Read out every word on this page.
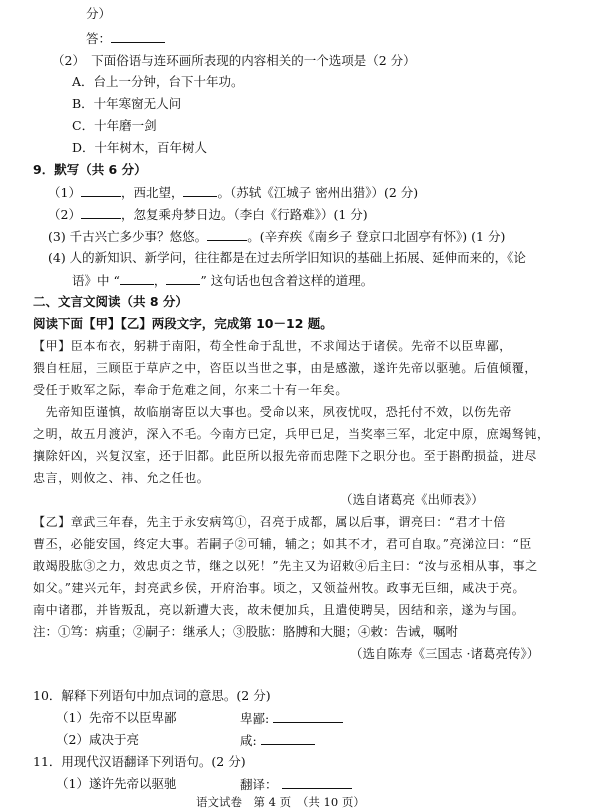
分）
答：
（2）　下面俗语与连环画所表现的内容相关的一个选项是（2 分）
A．台上一分钟，台下十年功。
B．十年寒窗无人问
C．十年磨一剑
D．十年树木，百年树人
9．默写（共 6 分）
（1）	，西北望，	。（苏轼《江城子 密州出猎》）(2 分)
（2）	，忽复乘舟梦日边。（李白《行路难》）(1 分)
(3) 千古兴亡多少事？悠悠。	。(辛弃疾《南乡子 登京口北固亭有怀》) (1 分)
(4) 人的新知识、新学问，往往都是在过去所学旧知识的基础上拓展、延伸而来的，《论
语》中 “	，	” 这句话也包含着这样的道理。
二、文言文阅读（共 8 分）
阅读下面【甲】【乙】两段文字，完成第 10－12 题。
【甲】臣本布衣，躬耕于南阳，苟全性命于乱世，不求闻达于诸侯。先帝不以臣卑鄙，
猥自枉屈，三顾臣于草庐之中，咨臣以当世之事，由是感激，遂许先帝以驱驰。后值倾覆，
受任于败军之际，奉命于危难之间，尔来二十有一年矣。
　先帝知臣谨慎，故临崩寄臣以大事也。受命以来，夙夜忧叹，恐托付不效，以伤先帝
之明，故五月渡泸，深入不毛。今南方已定，兵甲已足，当奖率三军，北定中原，庶竭驽钝，
攘除奸凶，兴复汉室，还于旧都。此臣所以报先帝而忠陛下之职分也。至于斟酌损益，进尽
忠言，则攸之、祎、允之任也。
（选自诸葛亮《出师表》）
【乙】章武三年春，先主于永安病笃①，召亮于成都，属以后事，谓亮曰：“君才十倍
曹丕，必能安国，终定大事。若嗣子②可辅，辅之；如其不才，君可自取。”亮涕泣曰：“臣
敢竭股肱③之力，效忠贞之节，继之以死！”先主又为诏敕④后主曰：“汝与丞相从事，事之
如父。”建兴元年，封亮武乡侯，开府治事。顷之，又领益州牧。政事无巨细，咸决于亮。
南中诸郡，并皆叛乱，亮以新遭大丧，故未便加兵，且遣使聘吴，因结和亲，遂为与国。
注：①笃：病重；②嗣子：继承人；③股肱：胳膊和大腿；④敕：告诫，嘱咐
（选自陈寿《三国志 ·诸葛亮传》）
10．解释下列语句中加点词的意思。(2 分)
（1）先帝不以臣卑鄙	卑鄙:
（2）咸决于亮	咸:
11．用现代汉语翻译下列语句。(2 分)
（1）遂许先帝以驱驰	翻译：
语文试卷　第 4 页　（共 10 页）
